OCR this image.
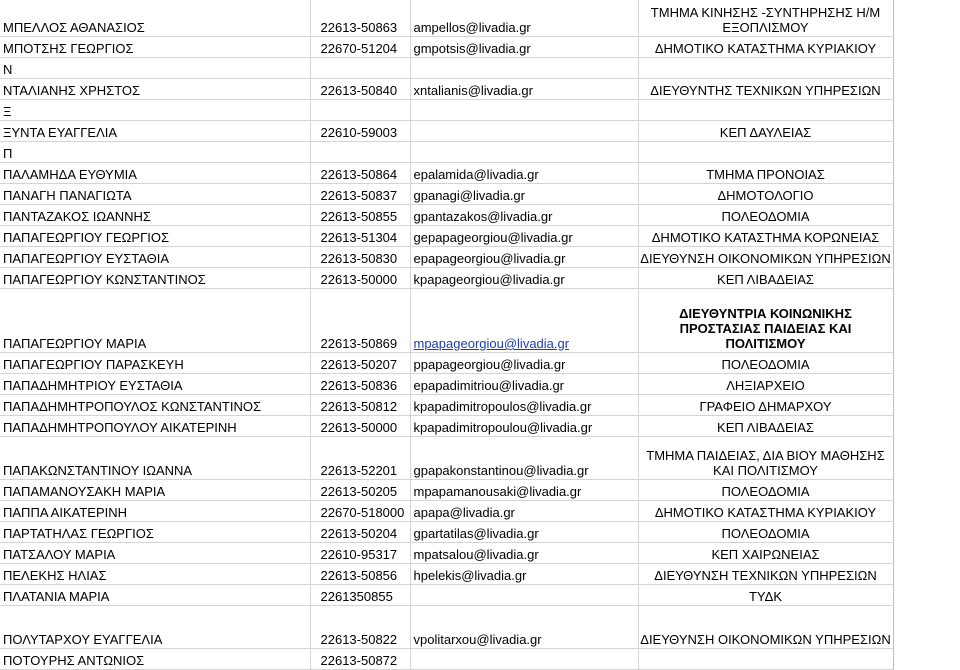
ΜΠΕΛΛΟΣ ΑΘΑΝΑΣΙΟΣ	22613-50863	ampellos@livadia.gr	ΤΜΗΜΑ ΚΙΝΗΣΗΣ -ΣΥΝΤΗΡΗΣΗΣ Η/Μ ΕΞΟΠΛΙΣΜΟΥ
ΜΠΟΤΣΗΣ ΓΕΩΡΓΙΟΣ	22670-51204	gmpotsis@livadia.gr	ΔΗΜΟΤΙΚΟ ΚΑΤΑΣΤΗΜΑ ΚΥΡΙΑΚΙΟΥ
Ν			
ΝΤΑΛΙΑΝΗΣ ΧΡΗΣΤΟΣ	22613-50840	xntalianis@livadia.gr	ΔΙΕΥΘΥΝΤΗΣ ΤΕΧΝΙΚΩΝ ΥΠΗΡΕΣΙΩΝ
Ξ			
ΞΥΝΤΑ ΕΥΑΓΓΕΛΙΑ	22610-59003		ΚΕΠ ΔΑΥΛΕΙΑΣ
Π			
ΠΑΛΑΜΗΔΑ ΕΥΘΥΜΙΑ	22613-50864	epalamida@livadia.gr	ΤΜΗΜΑ ΠΡΟΝΟΙΑΣ
ΠΑΝΑΓΗ ΠΑΝΑΓΙΩΤΑ	22613-50837	gpanagi@livadia.gr	ΔΗΜΟΤΟΛΟΓΙΟ
ΠΑΝΤΑΖΑΚΟΣ ΙΩΑΝΝΗΣ	22613-50855	gpantazakos@livadia.gr	ΠΟΛΕΟΔΟΜΙΑ
ΠΑΠΑΓΕΩΡΓΙΟΥ ΓΕΩΡΓΙΟΣ	22613-51304	gepapageorgiou@livadia.gr	ΔΗΜΟΤΙΚΟ ΚΑΤΑΣΤΗΜΑ ΚΟΡΩΝΕΙΑΣ
ΠΑΠΑΓΕΩΡΓΙΟΥ ΕΥΣΤΑΘΙΑ	22613-50830	epapageorgiou@livadia.gr	ΔΙΕΥΘΥΝΣΗ ΟΙΚΟΝΟΜΙΚΩΝ ΥΠΗΡΕΣΙΩΝ
ΠΑΠΑΓΕΩΡΓΙΟΥ ΚΩΝΣΤΑΝΤΙΝΟΣ	22613-50000	kpapageorgiou@livadia.gr	ΚΕΠ ΛΙΒΑΔΕΙΑΣ
ΠΑΠΑΓΕΩΡΓΙΟΥ ΜΑΡΙΑ	22613-50869	mpapageorgiou@livadia.gr	ΔΙΕΥΘΥΝΤΡΙΑ ΚΟΙΝΩΝΙΚΗΣ ΠΡΟΣΤΑΣΙΑΣ ΠΑΙΔΕΙΑΣ ΚΑΙ ΠΟΛΙΤΙΣΜΟΥ
ΠΑΠΑΓΕΩΡΓΙΟΥ ΠΑΡΑΣΚΕΥΗ	22613-50207	ppapageorgiou@livadia.gr	ΠΟΛΕΟΔΟΜΙΑ
ΠΑΠΑΔΗΜΗΤΡΙΟΥ ΕΥΣΤΑΘΙΑ	22613-50836	epapadimitriou@livadia.gr	ΛΗΞΙΑΡΧΕΙΟ
ΠΑΠΑΔΗΜΗΤΡΟΠΟΥΛΟΣ ΚΩΝΣΤΑΝΤΙΝΟΣ	22613-50812	kpapadimitropoulos@livadia.gr	ΓΡΑΦΕΙΟ ΔΗΜΑΡΧΟΥ
ΠΑΠΑΔΗΜΗΤΡΟΠΟΥΛΟΥ ΑΙΚΑΤΕΡΙΝΗ	22613-50000	kpapadimitropoulou@livadia.gr	ΚΕΠ ΛΙΒΑΔΕΙΑΣ
ΠΑΠΑΚΩΝΣΤΑΝΤΙΝΟΥ ΙΩΑΝΝΑ	22613-52201	gpapakonstantinou@livadia.gr	ΤΜΗΜΑ ΠΑΙΔΕΙΑΣ, ΔΙΑ ΒΙΟΥ ΜΑΘΗΣΗΣ ΚΑΙ ΠΟΛΙΤΙΣΜΟΥ
ΠΑΠΑΜΑΝΟΥΣΑΚΗ ΜΑΡΙΑ	22613-50205	mpapamanousaki@livadia.gr	ΠΟΛΕΟΔΟΜΙΑ
ΠΑΠΠΑ ΑΙΚΑΤΕΡΙΝΗ	22670-518000	apapa@livadia.gr	ΔΗΜΟΤΙΚΟ ΚΑΤΑΣΤΗΜΑ ΚΥΡΙΑΚΙΟΥ
ΠΑΡΤΑΤΗΛΑΣ ΓΕΩΡΓΙΟΣ	22613-50204	gpartatilas@livadia.gr	ΠΟΛΕΟΔΟΜΙΑ
ΠΑΤΣΑΛΟΥ ΜΑΡΙΑ	22610-95317	mpatsalou@livadia.gr	ΚΕΠ ΧΑΙΡΩΝΕΙΑΣ
ΠΕΛΕΚΗΣ ΗΛΙΑΣ	22613-50856	hpelekis@livadia.gr	ΔΙΕΥΘΥΝΣΗ ΤΕΧΝΙΚΩΝ ΥΠΗΡΕΣΙΩΝ
ΠΛΑΤΑΝΙΑ ΜΑΡΙΑ	2261350855		ΤΥΔΚ
ΠΟΛΥΤΑΡΧΟΥ ΕΥΑΓΓΕΛΙΑ	22613-50822	vpolitarxou@livadia.gr	ΔΙΕΥΘΥΝΣΗ ΟΙΚΟΝΟΜΙΚΩΝ ΥΠΗΡΕΣΙΩΝ
ΠΟΤΟΥΡΗΣ ΑΝΤΩΝΙΟΣ	22613-50872		
